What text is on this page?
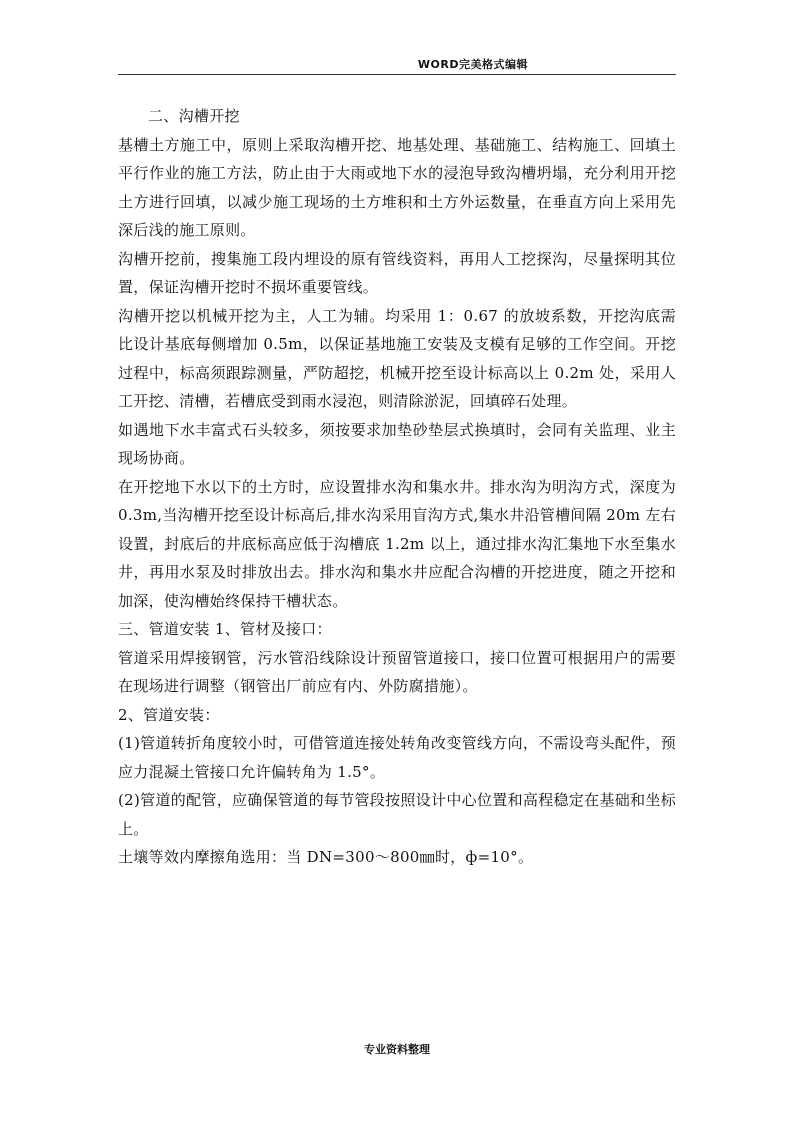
WORD完美格式编辑

二、沟槽开挖

基槽土方施工中，原则上采取沟槽开挖、地基处理、基础施工、结构施工、回填土平行作业的施工方法，防止由于大雨或地下水的浸泡导致沟槽坍塌，充分利用开挖土方进行回填，以减少施工现场的土方堆积和土方外运数量，在垂直方向上采用先深后浅的施工原则。

沟槽开挖前，搜集施工段内埋设的原有管线资料，再用人工挖探沟，尽量探明其位置，保证沟槽开挖时不损坏重要管线。

沟槽开挖以机械开挖为主，人工为辅。均采用 1：0.67 的放坡系数，开挖沟底需比设计基底每侧增加 0.5m，以保证基地施工安装及支模有足够的工作空间。开挖过程中，标高须跟踪测量，严防超挖，机械开挖至设计标高以上 0.2m 处，采用人工开挖、清槽，若槽底受到雨水浸泡，则清除淤泥，回填碎石处理。

如遇地下水丰富式石头较多，须按要求加垫砂垫层式换填时，会同有关监理、业主现场协商。

在开挖地下水以下的土方时，应设置排水沟和集水井。排水沟为明沟方式，深度为 0.3m,当沟槽开挖至设计标高后,排水沟采用盲沟方式,集水井沿管槽间隔 20m 左右设置，封底后的井底标高应低于沟槽底 1.2m 以上，通过排水沟汇集地下水至集水井，再用水泵及时排放出去。排水沟和集水井应配合沟槽的开挖进度，随之开挖和加深，使沟槽始终保持干槽状态。

三、管道安装 1、管材及接口：

管道采用焊接钢管，污水管沿线除设计预留管道接口，接口位置可根据用户的需要在现场进行调整（钢管出厂前应有内、外防腐措施）。

2、管道安装：

(1)管道转折角度较小时，可借管道连接处转角改变管线方向，不需设弯头配件，预应力混凝土管接口允许偏转角为 1.5°。

(2)管道的配管，应确保管道的每节管段按照设计中心位置和高程稳定在基础和坐标上。

土壤等效内摩擦角选用：当 DN=300～800㎜时，ф=10°。

专业资料整理
